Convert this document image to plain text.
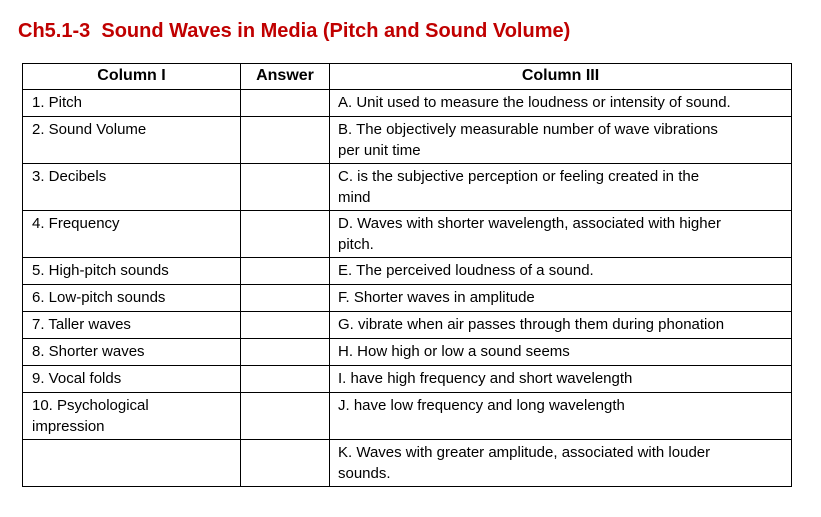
Ch5.1-3  Sound Waves in Media (Pitch and Sound Volume)
Column I	Answer	Column III
1. Pitch		A. Unit used to measure the loudness or intensity of sound.
2. Sound Volume		B. The objectively measurable number of wave vibrations per unit time
3. Decibels		C. is the subjective perception or feeling created in the mind
4. Frequency		D. Waves with shorter wavelength, associated with higher pitch.
5. High-pitch sounds		E. The perceived loudness of a sound.
6. Low-pitch sounds		F. Shorter waves in amplitude
7. Taller waves		G. vibrate when air passes through them during phonation
8. Shorter waves		H. How high or low a sound seems
9. Vocal folds		I. have high frequency and short wavelength
10. Psychological impression		J. have low frequency and long wavelength
		K. Waves with greater amplitude, associated with louder sounds.
